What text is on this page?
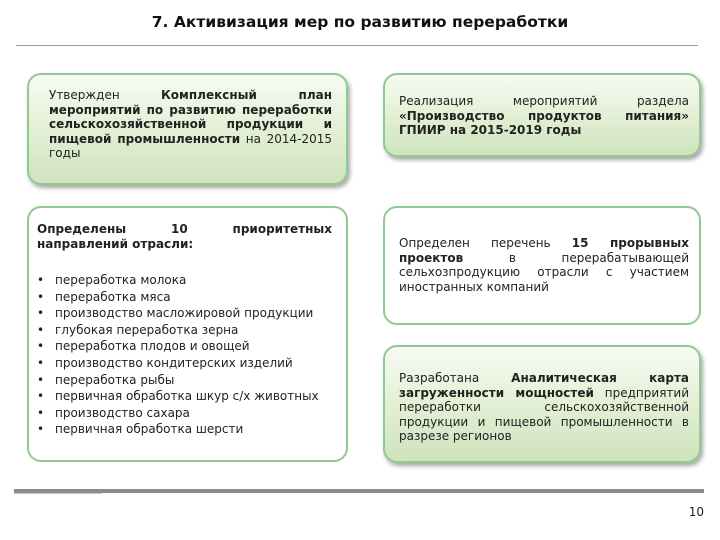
7. Активизация мер по развитию переработки
Утвержден Комплексный план мероприятий по развитию переработки сельскохозяйственной продукции и пищевой промышленности на 2014-2015 годы
Определены 10 приоритетных направлений отрасли:
• переработка молока
• переработка мяса
• производство масложировой продукции
• глубокая переработка зерна
• переработка плодов и овощей
• производство кондитерских изделий
• переработка рыбы
• первичная обработка шкур с/х животных
• производство сахара
• первичная обработка шерсти
Реализация мероприятий раздела «Производство продуктов питания» ГПИИР на 2015-2019 годы
Определен перечень 15 прорывных проектов в перерабатывающей сельхозпродукцию отрасли с участием иностранных компаний
Разработана Аналитическая карта загруженности мощностей предприятий переработки сельскохозяйственной продукции и пищевой промышленности в разрезе регионов
10
